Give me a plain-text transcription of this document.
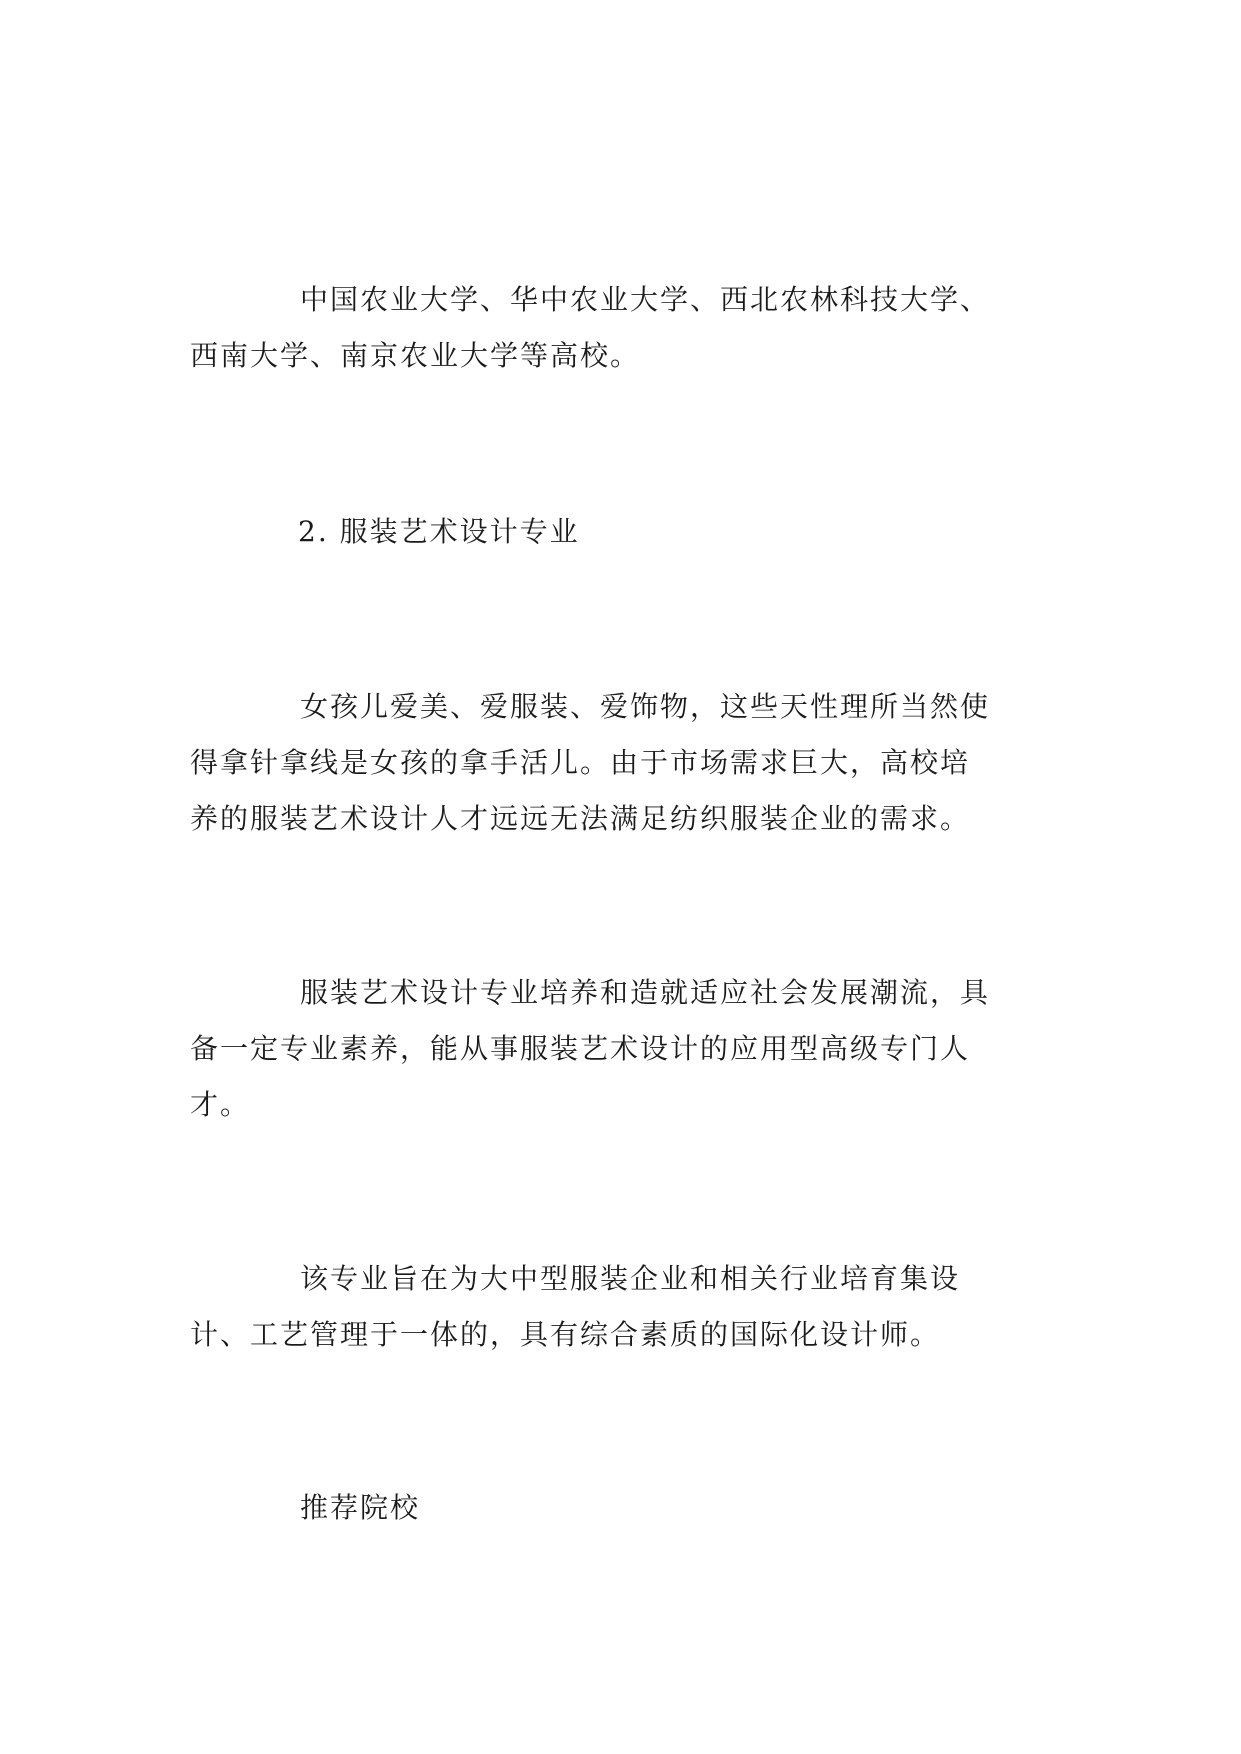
中国农业大学、华中农业大学、西北农林科技大学、
西南大学、南京农业大学等高校。

2. 服装艺术设计专业

女孩儿爱美、爱服装、爱饰物，这些天性理所当然使
得拿针拿线是女孩的拿手活儿。由于市场需求巨大，高校培
养的服装艺术设计人才远远无法满足纺织服装企业的需求。

服装艺术设计专业培养和造就适应社会发展潮流，具
备一定专业素养，能从事服装艺术设计的应用型高级专门人
才。

该专业旨在为大中型服装企业和相关行业培育集设
计、工艺管理于一体的，具有综合素质的国际化设计师。

推荐院校
